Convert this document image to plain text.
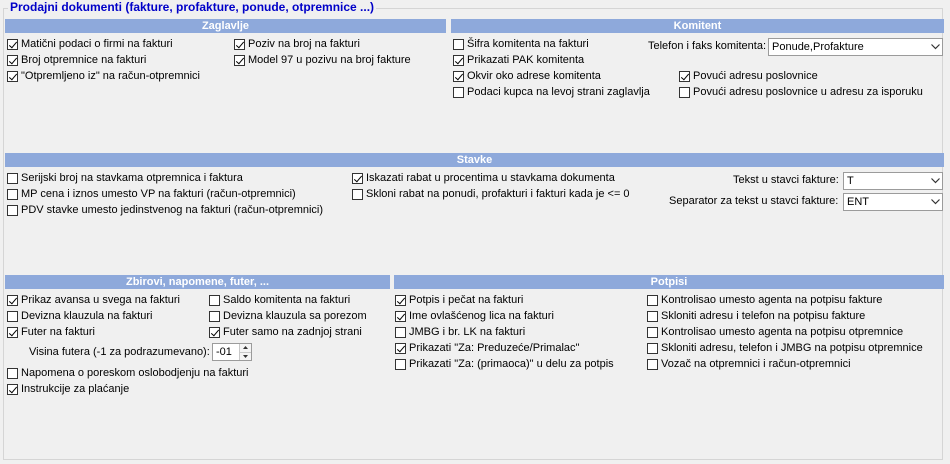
Prodajni dokumenti (fakture, profakture, ponude, otpremnice ...)
Zaglavlje
Matični podaci o firmi na fakturi
Broj otpremnice na fakturi
"Otpremljeno iz" na račun-otpremnici
Poziv na broj na fakturi
Model 97 u pozivu na broj fakture
Komitent
Šifra komitenta na fakturi
Prikazati PAK komitenta
Okvir oko adrese komitenta
Podaci kupca na levoj strani zaglavlja
Povući adresu poslovnice
Povući adresu poslovnice u adresu za isporuku
Telefon i faks komitenta: Ponude,Profakture
Stavke
Serijski broj na stavkama otpremnica i faktura
MP cena i iznos umesto VP na fakturi (račun-otpremnici)
PDV stavke umesto jedinstvenog na fakturi (račun-otpremnici)
Iskazati rabat u procentima u stavkama dokumenta
Skloni rabat na ponudi, profakturi i fakturi kada je <= 0
Tekst u stavci fakture: T
Separator za tekst u stavci fakture: ENT
Zbirovi, napomene, futer, ...
Prikaz avansa u svega na fakturi
Devizna klauzula na fakturi
Futer na fakturi
Saldo komitenta na fakturi
Devizna klauzula sa porezom
Futer samo na zadnjoj strani
Visina futera (-1 za podrazumevano): -01
Napomena o poreskom oslobodjenju na fakturi
Instrukcije za plaćanje
Potpisi
Potpis i pečat na fakturi
Ime ovlašćenog lica na fakturi
JMBG i br. LK na fakturi
Prikazati "Za: Preduzeće/Primalac"
Prikazati "Za: (primaoca)" u delu za potpis
Kontrolisao umesto agenta na potpisu fakture
Skloniti adresu i telefon na potpisu fakture
Kontrolisao umesto agenta na potpisu otpremnice
Skloniti adresu, telefon i JMBG na potpisu otpremnice
Vozač na otpremnici i račun-otpremnici
